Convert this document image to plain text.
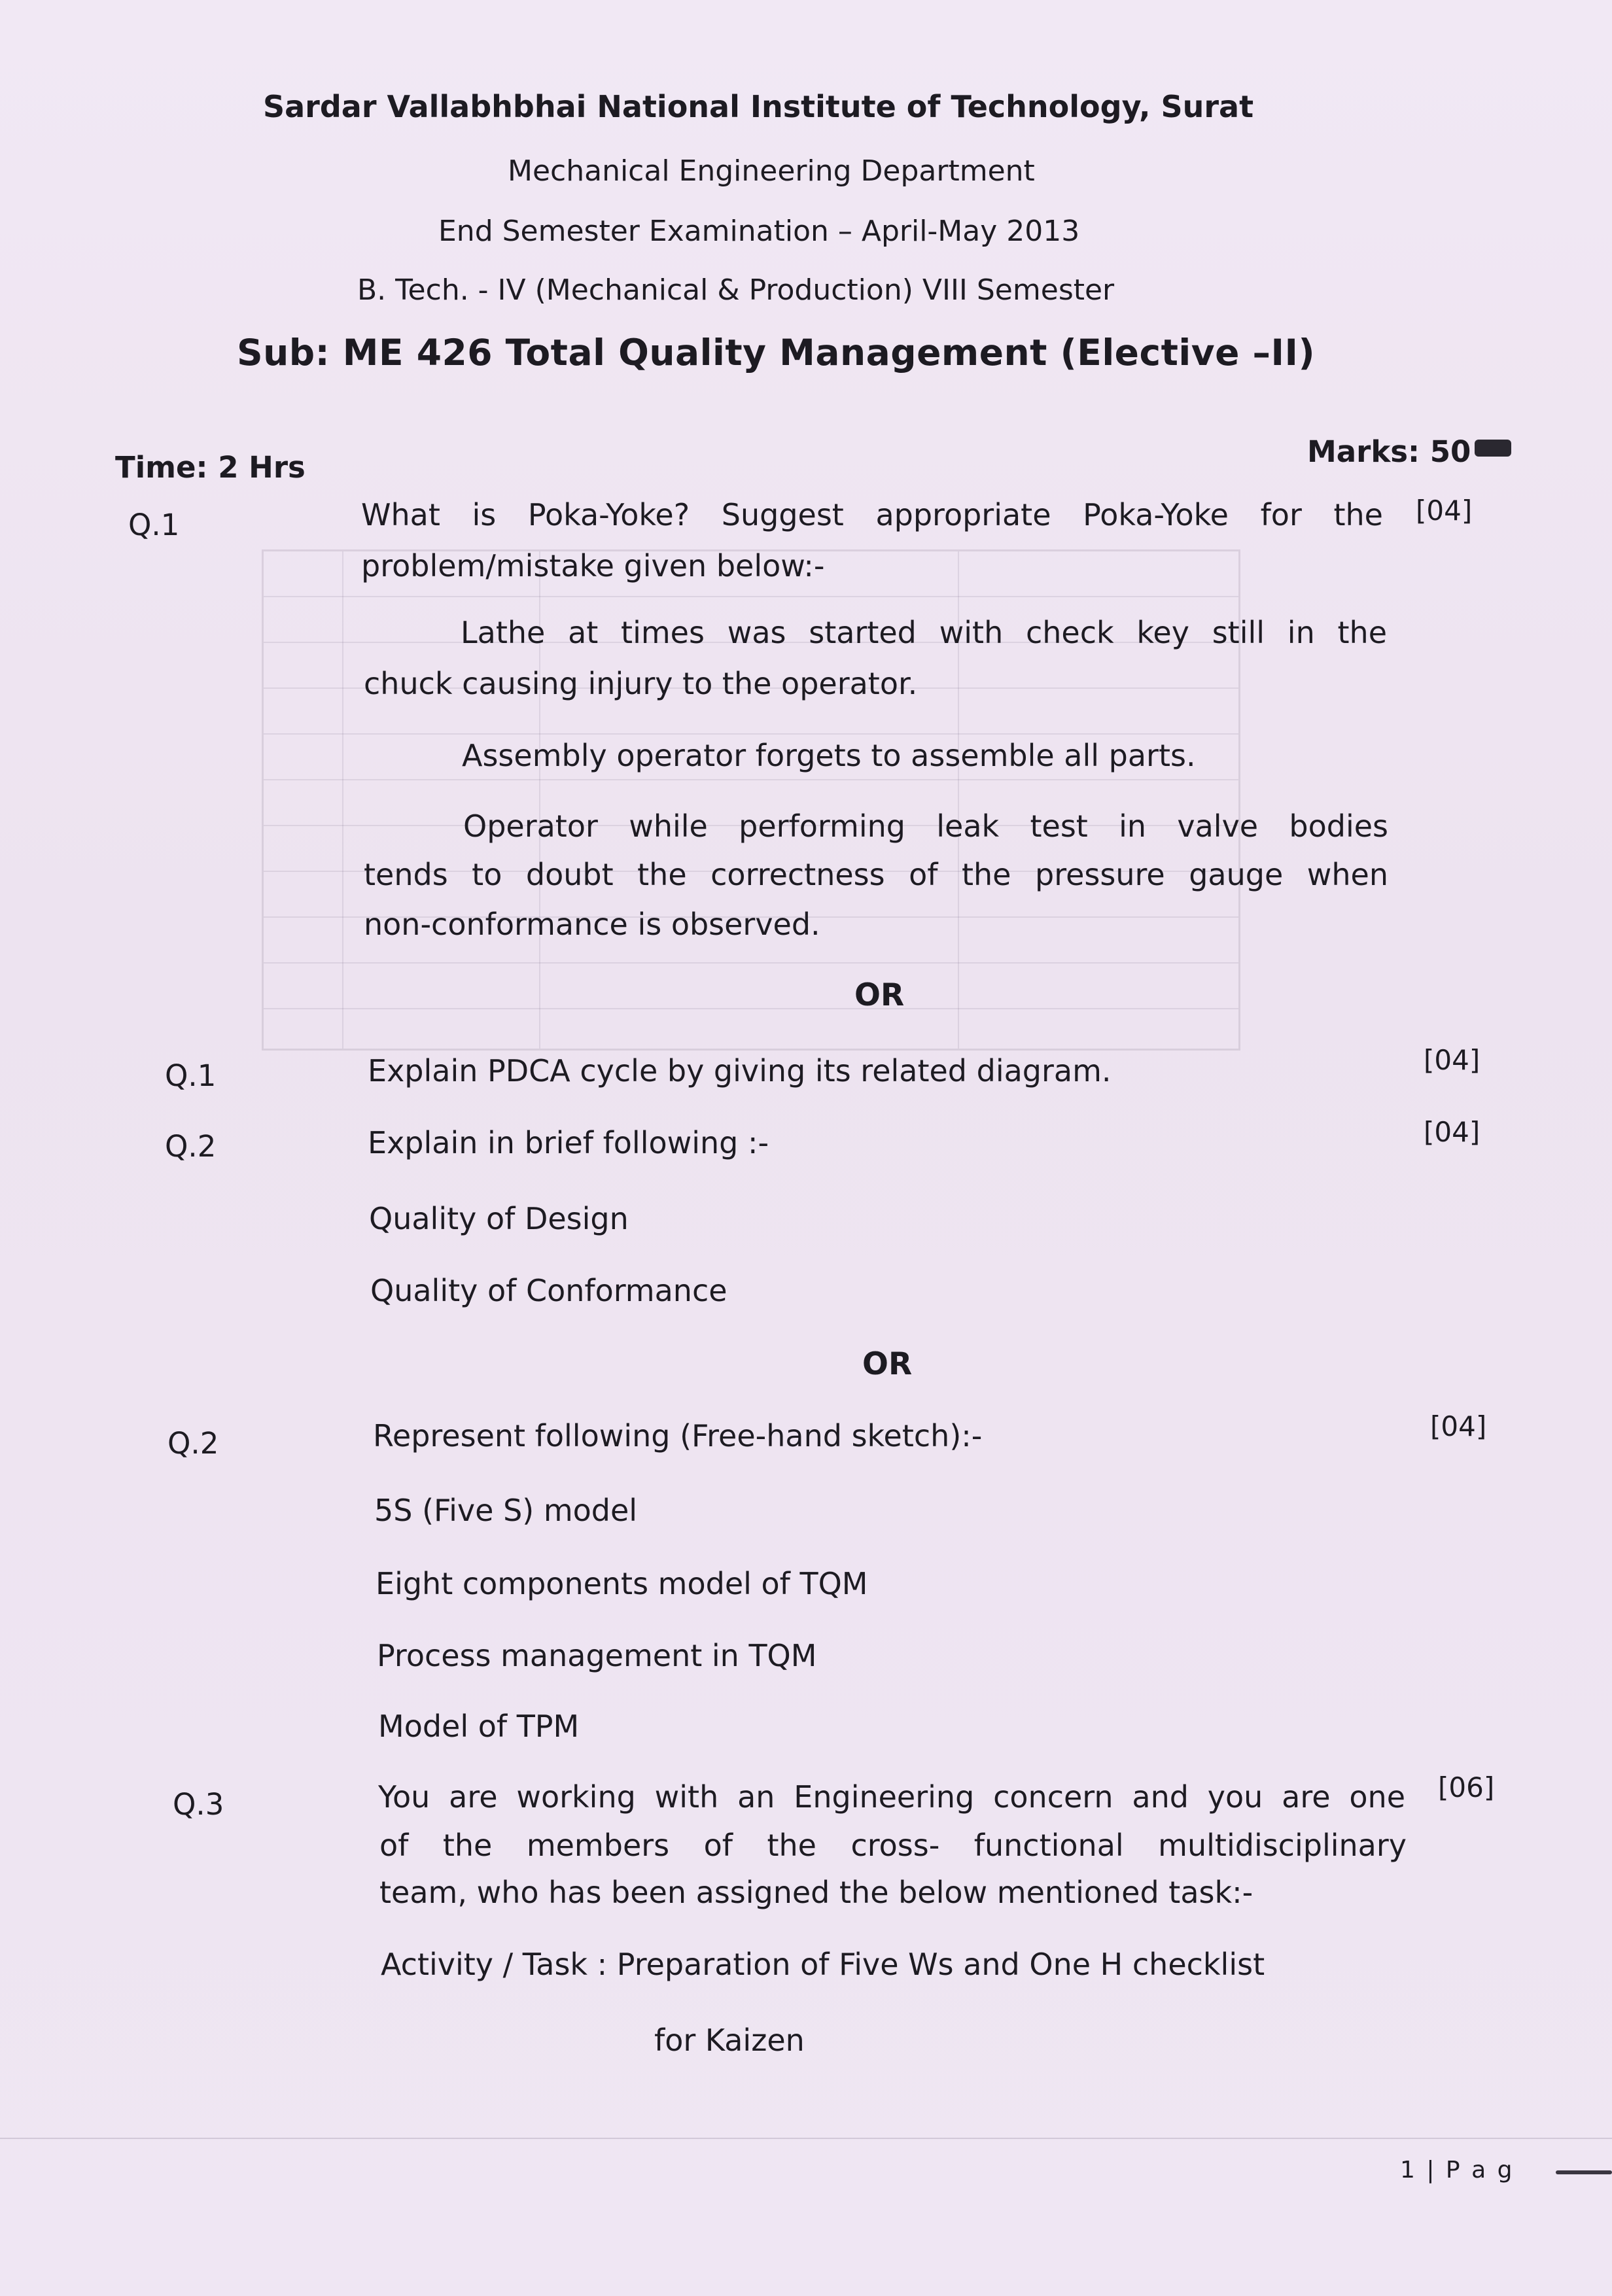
Sardar Vallabhbhai National Institute of Technology, Surat
Mechanical Engineering Department
End Semester Examination – April-May 2013
B. Tech. - IV (Mechanical & Production) VIII Semester
Sub: ME 426 Total Quality Management (Elective –II)
Time: 2 Hrs	Marks: 50
Q.1	What is Poka-Yoke? Suggest appropriate Poka-Yoke for the [04]
problem/mistake given below:-
Lathe at times was started with check key still in the
chuck causing injury to the operator.
Assembly operator forgets to assemble all parts.
Operator while performing leak test in valve bodies
tends to doubt the correctness of the pressure gauge when
non-conformance is observed.
OR
Q.1	Explain PDCA cycle by giving its related diagram.	[04]
Q.2	Explain in brief following :-	[04]
Quality of Design
Quality of Conformance
OR
Q.2	Represent following (Free-hand sketch):-	[04]
5S (Five S) model
Eight components model of TQM
Process management in TQM
Model of TPM
Q.3	You are working with an Engineering concern and you are one [06]
of the members of the cross- functional multidisciplinary
team, who has been assigned the below mentioned task:-
Activity / Task : Preparation of Five Ws and One H checklist
for Kaizen
1 | P a g
